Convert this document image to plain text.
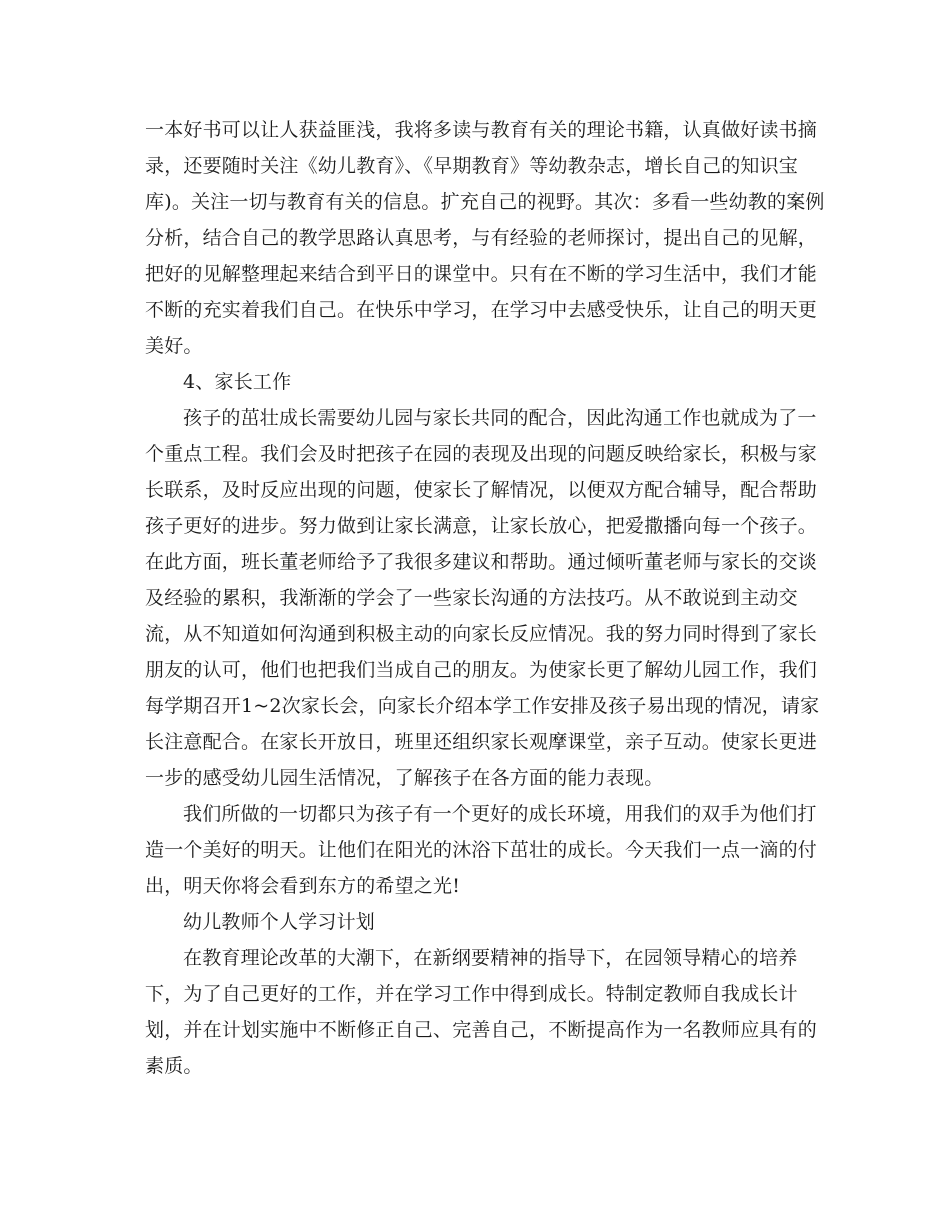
一本好书可以让人获益匪浅，我将多读与教育有关的理论书籍，认真做好读书摘
录，还要随时关注《幼儿教育》、《早期教育》等幼教杂志，增长自己的知识宝
库)。关注一切与教育有关的信息。扩充自己的视野。其次：多看一些幼教的案例
分析，结合自己的教学思路认真思考，与有经验的老师探讨，提出自己的见解，
把好的见解整理起来结合到平日的课堂中。只有在不断的学习生活中，我们才能
不断的充实着我们自己。在快乐中学习，在学习中去感受快乐，让自己的明天更
美好。
4、家长工作
孩子的茁壮成长需要幼儿园与家长共同的配合，因此沟通工作也就成为了一
个重点工程。我们会及时把孩子在园的表现及出现的问题反映给家长，积极与家
长联系，及时反应出现的问题，使家长了解情况，以便双方配合辅导，配合帮助
孩子更好的进步。努力做到让家长满意，让家长放心，把爱撒播向每一个孩子。
在此方面，班长董老师给予了我很多建议和帮助。通过倾听董老师与家长的交谈
及经验的累积，我渐渐的学会了一些家长沟通的方法技巧。从不敢说到主动交
流，从不知道如何沟通到积极主动的向家长反应情况。我的努力同时得到了家长
朋友的认可，他们也把我们当成自己的朋友。为使家长更了解幼儿园工作，我们
每学期召开1~2次家长会，向家长介绍本学工作安排及孩子易出现的情况，请家
长注意配合。在家长开放日，班里还组织家长观摩课堂，亲子互动。使家长更进
一步的感受幼儿园生活情况，了解孩子在各方面的能力表现。
我们所做的一切都只为孩子有一个更好的成长环境，用我们的双手为他们打
造一个美好的明天。让他们在阳光的沐浴下茁壮的成长。今天我们一点一滴的付
出，明天你将会看到东方的希望之光!
幼儿教师个人学习计划
在教育理论改革的大潮下，在新纲要精神的指导下，在园领导精心的培养
下，为了自己更好的工作，并在学习工作中得到成长。特制定教师自我成长计
划，并在计划实施中不断修正自己、完善自己，不断提高作为一名教师应具有的
素质。
